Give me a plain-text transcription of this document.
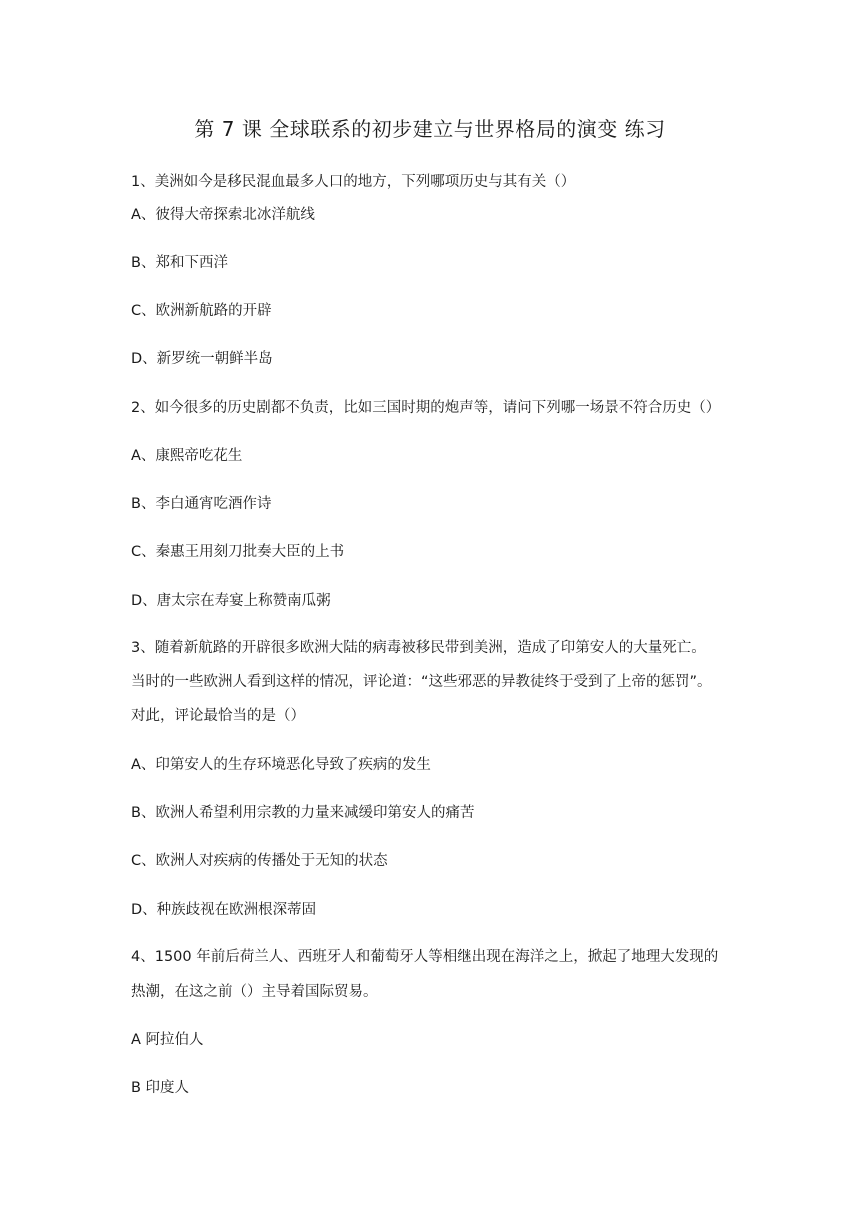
第 7 课 全球联系的初步建立与世界格局的演变 练习
1、美洲如今是移民混血最多人口的地方，下列哪项历史与其有关（）
A、彼得大帝探索北冰洋航线
B、郑和下西洋
C、欧洲新航路的开辟
D、新罗统一朝鲜半岛
2、如今很多的历史剧都不负责，比如三国时期的炮声等，请问下列哪一场景不符合历史（）
A、康熙帝吃花生
B、李白通宵吃酒作诗
C、秦惠王用刻刀批奏大臣的上书
D、唐太宗在寿宴上称赞南瓜粥
3、随着新航路的开辟很多欧洲大陆的病毒被移民带到美洲，造成了印第安人的大量死亡。
当时的一些欧洲人看到这样的情况，评论道：“这些邪恶的异教徒终于受到了上帝的惩罚”。
对此，评论最恰当的是（）
A、印第安人的生存环境恶化导致了疾病的发生
B、欧洲人希望利用宗教的力量来减缓印第安人的痛苦
C、欧洲人对疾病的传播处于无知的状态
D、种族歧视在欧洲根深蒂固
4、1500 年前后荷兰人、西班牙人和葡萄牙人等相继出现在海洋之上，掀起了地理大发现的
热潮，在这之前（）主导着国际贸易。
A 阿拉伯人
B 印度人
